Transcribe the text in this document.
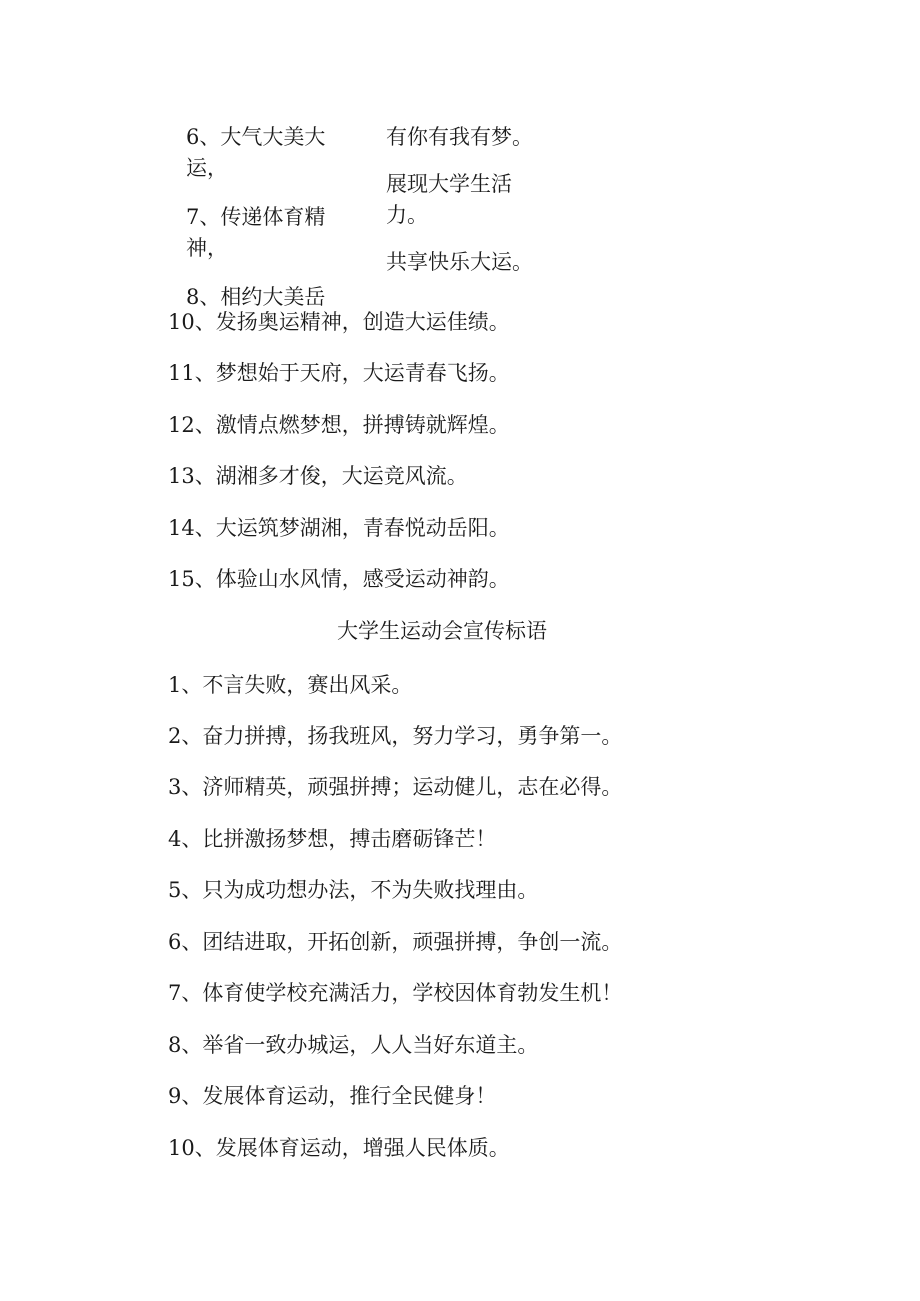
6、大气大美大运，

7、传递体育精神，

8、相约大美岳

有你有我有梦。

展现大学生活力。

共享快乐大运。

10、发扬奥运精神，创造大运佳绩。

11、梦想始于天府，大运青春飞扬。

12、激情点燃梦想，拼搏铸就辉煌。

13、湖湘多才俊，大运竞风流。

14、大运筑梦湖湘，青春悦动岳阳。

15、体验山水风情，感受运动神韵。

大学生运动会宣传标语

1、不言失败，赛出风采。

2、奋力拼搏，扬我班风，努力学习，勇争第一。

3、济师精英，顽强拼搏；运动健儿，志在必得。

4、比拼激扬梦想，搏击磨砺锋芒！

5、只为成功想办法，不为失败找理由。

6、团结进取，开拓创新，顽强拼搏，争创一流。

7、体育使学校充满活力，学校因体育勃发生机！

8、举省一致办城运，人人当好东道主。

9、发展体育运动，推行全民健身！

10、发展体育运动，增强人民体质。
